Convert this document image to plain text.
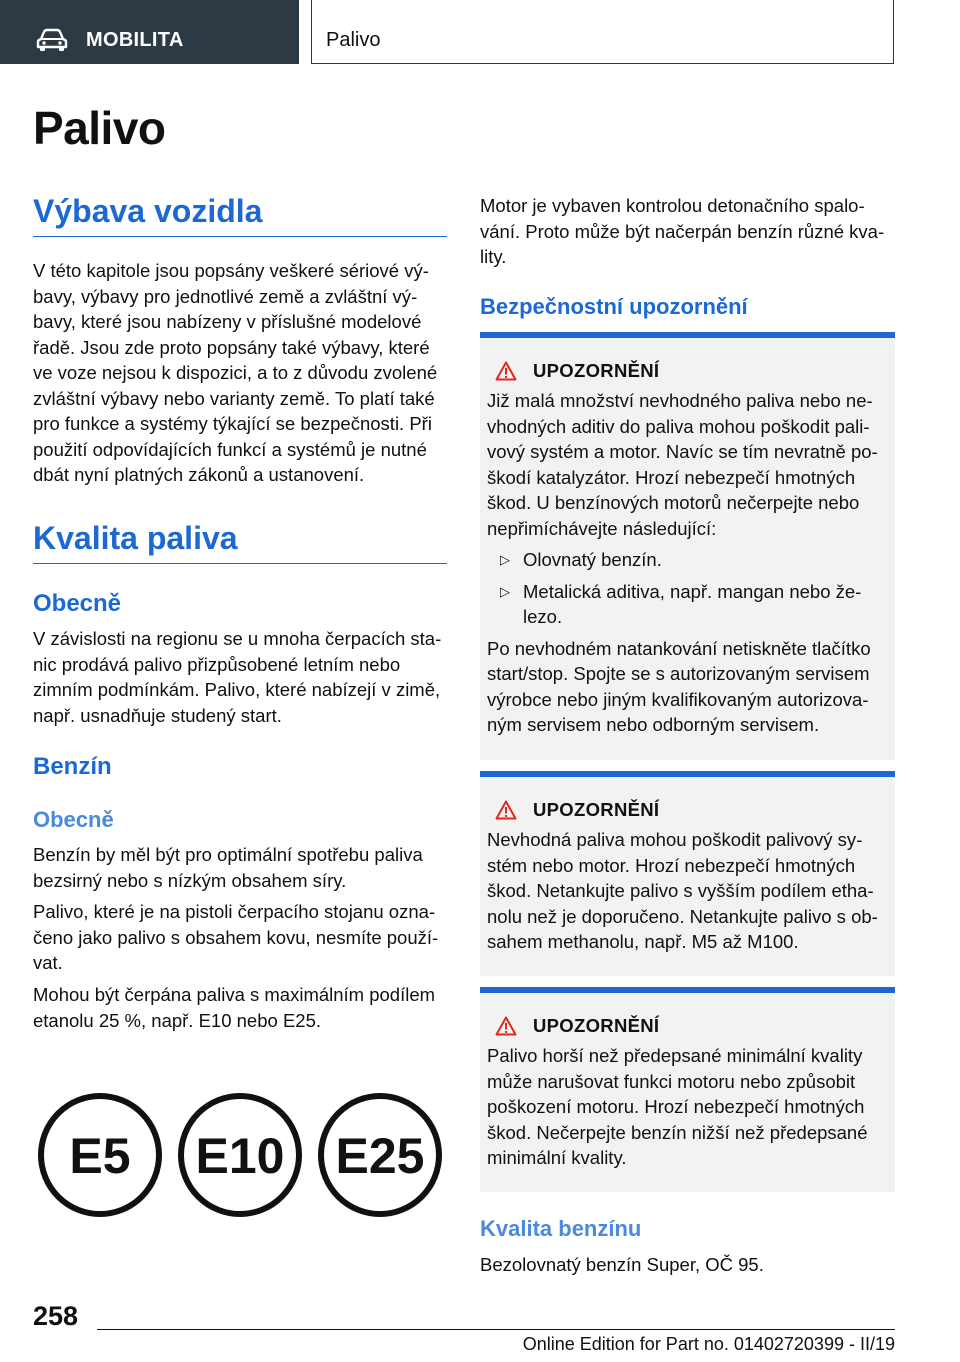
MOBILITA	Palivo
Palivo
Výbava vozidla
V této kapitole jsou popsány veškeré sériové výbavy, výbavy pro jednotlivé země a zvláštní výbavy, které jsou nabízeny v příslušné modelové řadě. Jsou zde proto popsány také výbavy, které ve voze nejsou k dispozici, a to z důvodu zvolené zvláštní výbavy nebo varianty země. To platí také pro funkce a systémy týkající se bezpečnosti. Při použití odpovídajících funkcí a systémů je nutné dbát nyní platných zákonů a ustanovení.
Kvalita paliva
Obecně
V závislosti na regionu se u mnoha čerpacích stanic prodává palivo přizpůsobené letním nebo zimním podmínkám. Palivo, které nabízejí v zimě, např. usnadňuje studený start.
Benzín
Obecně
Benzín by měl být pro optimální spotřebu paliva bezsirný nebo s nízkým obsahem síry.
Palivo, které je na pistoli čerpacího stojanu označeno jako palivo s obsahem kovu, nesmíte používat.
Mohou být čerpána paliva s maximálním podílem etanolu 25 %, např. E10 nebo E25.
E5 E10 E25
Motor je vybaven kontrolou detonačního spalování. Proto může být načerpán benzín různé kvality.
Bezpečnostní upozornění
UPOZORNĚNÍ
Již malá množství nevhodného paliva nebo nevhodných aditiv do paliva mohou poškodit palivový systém a motor. Navíc se tím nevratně poškodí katalyzátor. Hrozí nebezpečí hmotných škod. U benzínových motorů nečerpejte nebo nepřimíchávejte následující:
▷ Olovnatý benzín.
▷ Metalická aditiva, např. mangan nebo železo.
Po nevhodném natankování netiskněte tlačítko start/stop. Spojte se s autorizovaným servisem výrobce nebo jiným kvalifikovaným autorizovaným servisem nebo odborným servisem.
UPOZORNĚNÍ
Nevhodná paliva mohou poškodit palivový systém nebo motor. Hrozí nebezpečí hmotných škod. Netankujte palivo s vyšším podílem ethanolu než je doporučeno. Netankujte palivo s obsahem methanolu, např. M5 až M100.
UPOZORNĚNÍ
Palivo horší než předepsané minimální kvality může narušovat funkci motoru nebo způsobit poškození motoru. Hrozí nebezpečí hmotných škod. Nečerpejte benzín nižší než předepsané minimální kvality.
Kvalita benzínu
Bezolovnatý benzín Super, OČ 95.
258
Online Edition for Part no. 01402720399 - II/19
